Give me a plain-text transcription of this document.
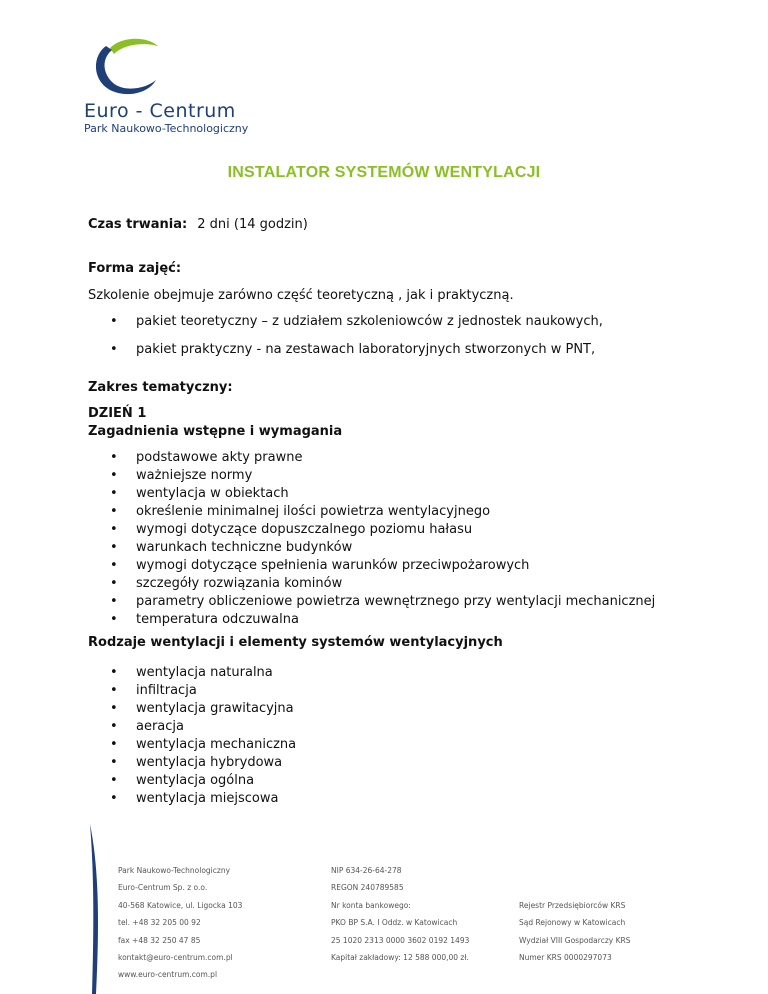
Euro - Centrum
Park Naukowo-Technologiczny
INSTALATOR SYSTEMÓW WENTYLACJI

Czas trwania: 2 dni (14 godzin)

Forma zajęć:

Szkolenie obejmuje zarówno część teoretyczną , jak i praktyczną.

• pakiet teoretyczny – z udziałem szkoleniowców z jednostek naukowych,
• pakiet praktyczny - na zestawach laboratoryjnych stworzonych w PNT,

Zakres tematyczny:

DZIEŃ 1

Zagadnienia wstępne i wymagania

• podstawowe akty prawne
• ważniejsze normy
• wentylacja w obiektach
• określenie minimalnej ilości powietrza wentylacyjnego
• wymogi dotyczące dopuszczalnego poziomu hałasu
• warunkach techniczne budynków
• wymogi dotyczące spełnienia warunków przeciwpożarowych
• szczegóły rozwiązania kominów
• parametry obliczeniowe powietrza wewnętrznego przy wentylacji mechanicznej
• temperatura odczuwalna

Rodzaje wentylacji i elementy systemów wentylacyjnych

• wentylacja naturalna
• infiltracja
• wentylacja grawitacyjna
• aeracja
• wentylacja mechaniczna
• wentylacja hybrydowa
• wentylacja ogólna
• wentylacja miejscowa
Park Naukowo-Technologiczny
Euro-Centrum Sp. z o.o.
40-568 Katowice, ul. Ligocka 103
tel. +48 32 205 00 92
fax +48 32 250 47 85
kontakt@euro-centrum.com.pl
www.euro-centrum.com.pl
NIP 634-26-64-278
REGON 240789585
Nr konta bankowego:
PKO BP S.A. I Oddz. w Katowicach
25 1020 2313 0000 3602 0192 1493
Kapitał zakładowy: 12 588 000,00 zł.
Rejestr Przedsiębiorców KRS
Sąd Rejonowy w Katowicach
Wydział VIII Gospodarczy KRS
Numer KRS 0000297073
